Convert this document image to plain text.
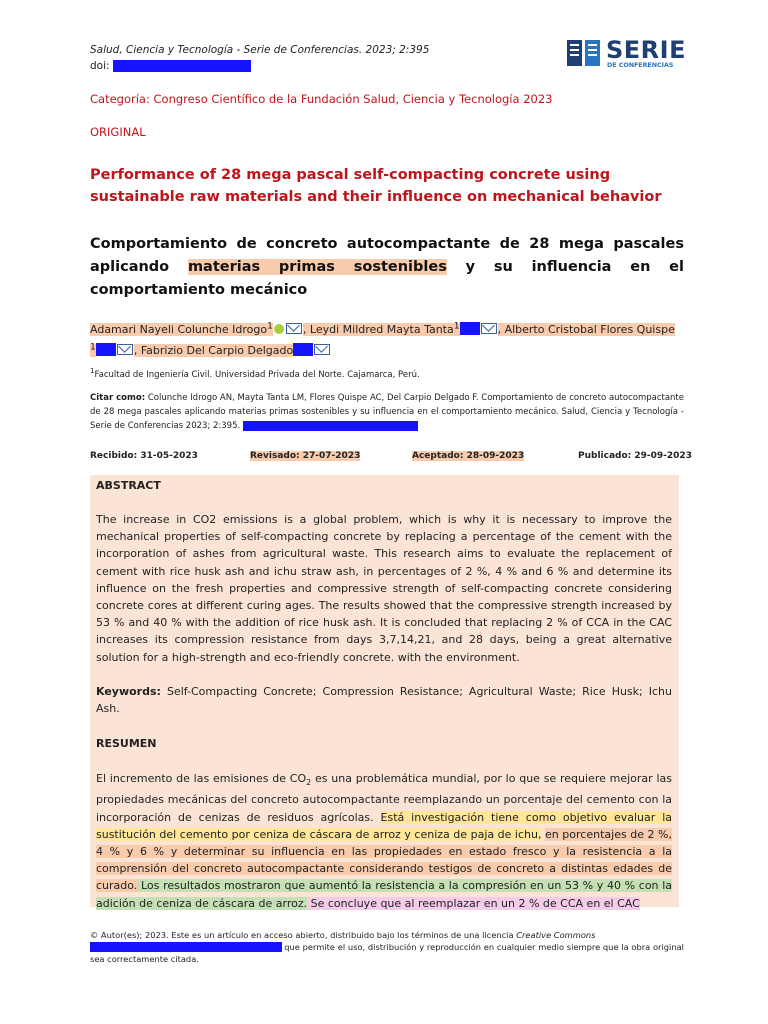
Salud, Ciencia y Tecnología - Serie de Conferencias. 2023; 2:395
doi:
SERIE
DE CONFERENCIAS
Categoría: Congreso Científico de la Fundación Salud, Ciencia y Tecnología 2023
ORIGINAL
Performance of 28 mega pascal self-compacting concrete using sustainable raw materials and their influence on mechanical behavior
Comportamiento de concreto autocompactante de 28 mega pascales aplicando materias primas sostenibles y su influencia en el comportamiento mecánico
Adamari Nayeli Colunche Idrogo$^1$	, Leydi Mildred Mayta Tanta$^1$	, Alberto Cristobal Flores Quispe
$^1$	, Fabrizio Del Carpio Delgado
$^1$Facultad de Ingeniería Civil. Universidad Privada del Norte. Cajamarca, Perú.
Citar como: Colunche Idrogo AN, Mayta Tanta LM, Flores Quispe AC, Del Carpio Delgado F. Comportamiento de concreto autocompactante de 28 mega pascales aplicando materias primas sostenibles y su influencia en el comportamiento mecánico. Salud, Ciencia y Tecnología - Serie de Conferencias 2023; 2:395.
Recibido: 31-05-2023	Revisado: 27-07-2023	Aceptado: 28-09-2023	Publicado: 29-09-2023
ABSTRACT
The increase in CO2 emissions is a global problem, which is why it is necessary to improve the mechanical properties of self-compacting concrete by replacing a percentage of the cement with the incorporation of ashes from agricultural waste. This research aims to evaluate the replacement of cement with rice husk ash and ichu straw ash, in percentages of 2 %, 4 % and 6 % and determine its influence on the fresh properties and compressive strength of self-compacting concrete considering concrete cores at different curing ages. The results showed that the compressive strength increased by 53 % and 40 % with the addition of rice husk ash. It is concluded that replacing 2 % of CCA in the CAC increases its compression resistance from days 3,7,14,21, and 28 days, being a great alternative solution for a high-strength and eco-friendly concrete. with the environment.
Keywords: Self-Compacting Concrete; Compression Resistance; Agricultural Waste; Rice Husk; Ichu Ash.
RESUMEN
El incremento de las emisiones de $CO_2$ es una problemática mundial, por lo que se requiere mejorar las propiedades mecánicas del concreto autocompactante reemplazando un porcentaje del cemento con la incorporación de cenizas de residuos agrícolas. Está investigación tiene como objetivo evaluar la sustitución del cemento por ceniza de cáscara de arroz y ceniza de paja de ichu, en porcentajes de 2 %, 4 % y 6 % y determinar su influencia en las propiedades en estado fresco y la resistencia a la comprensión del concreto autocompactante considerando testigos de concreto a distintas edades de curado. Los resultados mostraron que aumentó la resistencia a la compresión en un 53 % y 40 % con la adición de ceniza de cáscara de arroz. Se concluye que al reemplazar en un 2 % de CCA en el CAC
© Autor(es); 2023. Este es un artículo en acceso abierto, distribuido bajo los términos de una licencia Creative Commons
que permite el uso, distribución y reproducción en cualquier medio siempre que la obra original sea correctamente citada.
